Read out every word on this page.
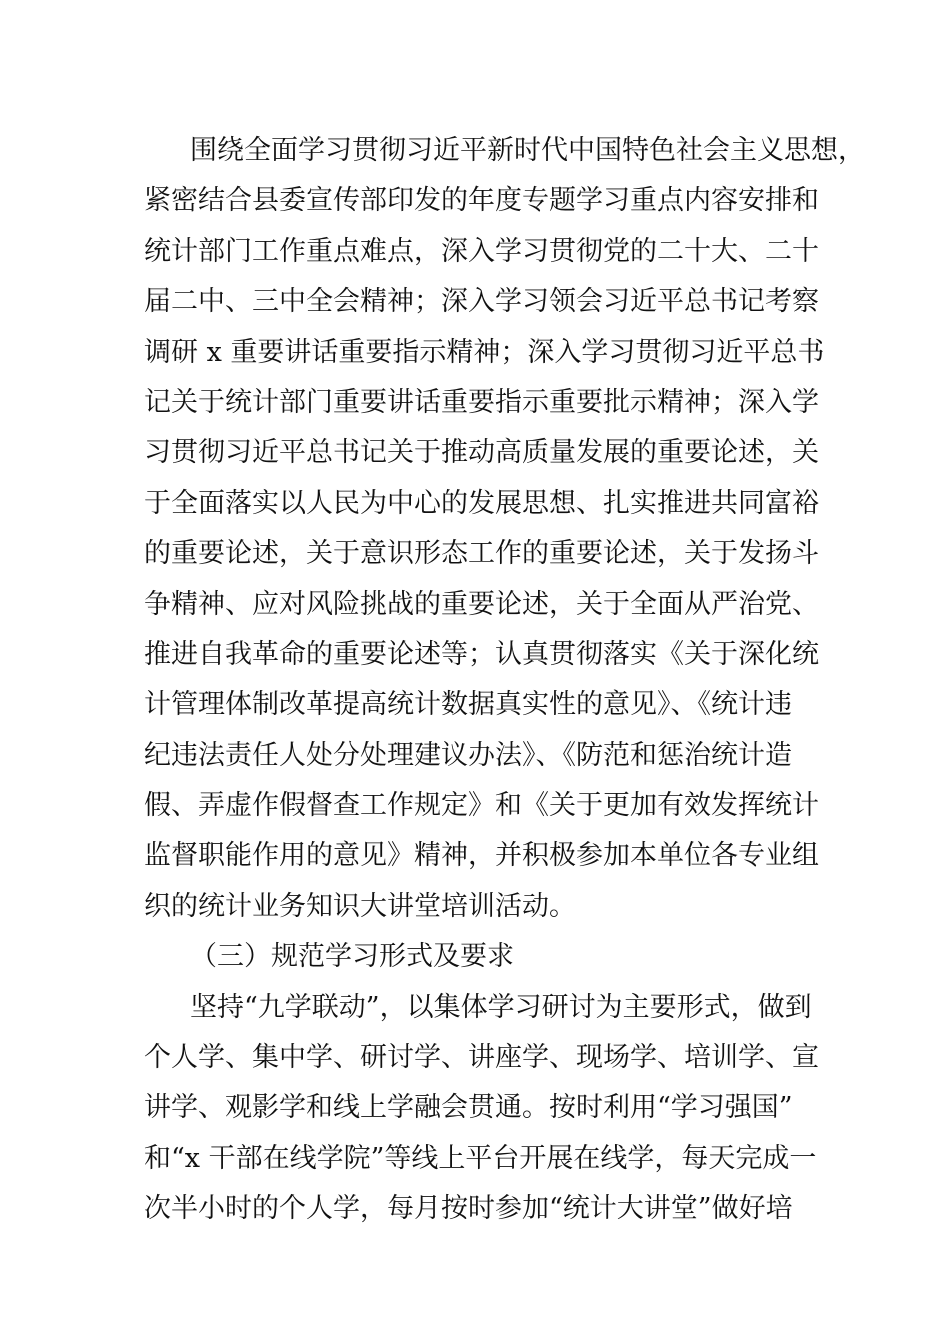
围绕全面学习贯彻习近平新时代中国特色社会主义思想，
紧密结合县委宣传部印发的年度专题学习重点内容安排和
统计部门工作重点难点，深入学习贯彻党的二十大、二十
届二中、三中全会精神；深入学习领会习近平总书记考察
调研 x 重要讲话重要指示精神；深入学习贯彻习近平总书
记关于统计部门重要讲话重要指示重要批示精神；深入学
习贯彻习近平总书记关于推动高质量发展的重要论述，关
于全面落实以人民为中心的发展思想、扎实推进共同富裕
的重要论述，关于意识形态工作的重要论述，关于发扬斗
争精神、应对风险挑战的重要论述，关于全面从严治党、
推进自我革命的重要论述等；认真贯彻落实《关于深化统
计管理体制改革提高统计数据真实性的意见》、《统计违
纪违法责任人处分处理建议办法》、《防范和惩治统计造
假、弄虚作假督查工作规定》和《关于更加有效发挥统计
监督职能作用的意见》精神，并积极参加本单位各专业组
织的统计业务知识大讲堂培训活动。
（三）规范学习形式及要求
坚持“九学联动”，以集体学习研讨为主要形式，做到
个人学、集中学、研讨学、讲座学、现场学、培训学、宣
讲学、观影学和线上学融会贯通。按时利用“学习强国”
和“x 干部在线学院”等线上平台开展在线学，每天完成一
次半小时的个人学，每月按时参加“统计大讲堂”做好培
